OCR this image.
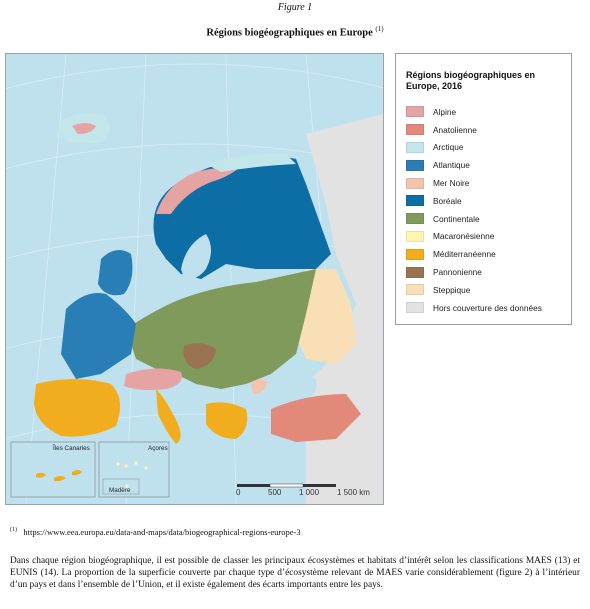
Figure 1
Régions biogéographiques en Europe $^{(1)}$
Îles Canaries	Açores
Madère	0	500 1 000 1 500 km
Régions biogéographiques en Europe, 2016
Alpine
Anatolienne
Arctique
Atlantique
Mer Noire
Boréale
Continentale
Macaronésienne
Méditerranéenne
Pannonienne
Steppique
Hors couverture des données
$^{(1)}$ https://www.eea.europa.eu/data-and-maps/data/biogeographical-regions-europe-3
Dans chaque région biogéographique, il est possible de classer les principaux écosystèmes et habitats d’intérêt selon les classifications MAES (13) et EUNIS (14). La proportion de la superficie couverte par chaque type d’écosystème relevant de MAES varie considérablement (figure 2) à l’intérieur d’un pays et dans l’ensemble de l’Union, et il existe également des écarts importants entre les pays.
